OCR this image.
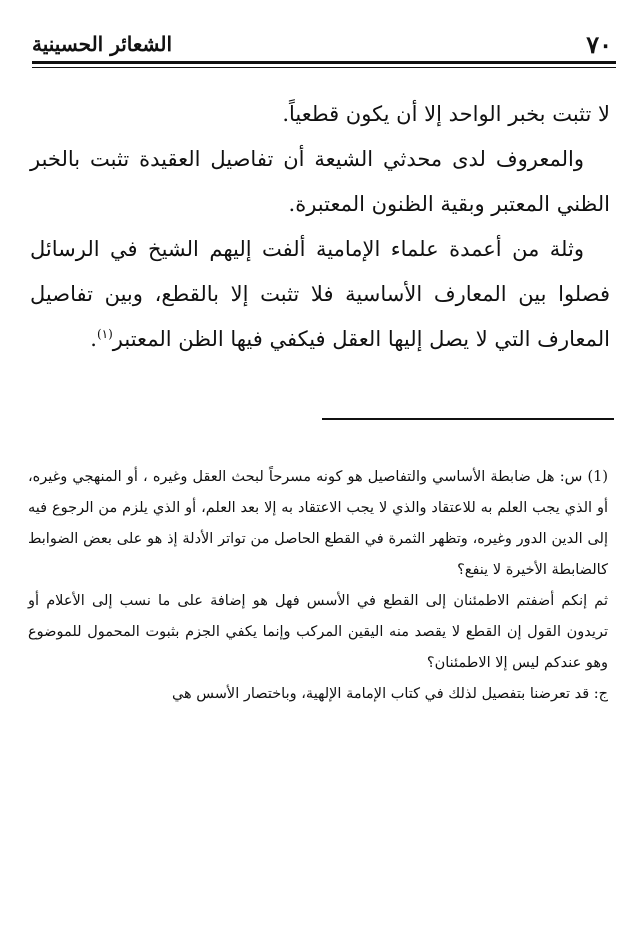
٧٠
الشعائر الحسينية

لا تثبت بخبر الواحد إلا أن يكون قطعياً.

والمعروف لدى محدثي الشيعة أن تفاصيل العقيدة تثبت بالخبر الظني المعتبر وبقية الظنون المعتبرة.

وثلة من أعمدة علماء الإمامية ألفت إليهم الشيخ في الرسائل فصلوا بين المعارف الأساسية فلا تثبت إلا بالقطع، وبين تفاصيل المعارف التي لا يصل إليها العقل فيكفي فيها الظن المعتبر$^{(١)}$.

(1) س: هل ضابطة الأساسي والتفاصيل هو كونه مسرحاً لبحث العقل وغيره ، أو المنهجي وغيره، أو الذي يجب العلم به للاعتقاد والذي لا يجب الاعتقاد به إلا بعد العلم، أو الذي يلزم من الرجوع فيه إلى الدين الدور وغيره، وتظهر الثمرة في القطع الحاصل من تواتر الأدلة إذ هو على بعض الضوابط كالضابطة الأخيرة لا ينفع؟

ثم إنكم أضفتم الاطمئنان إلى القطع في الأسس فهل هو إضافة على ما نسب إلى الأعلام أو تريدون القول إن القطع لا يقصد منه اليقين المركب وإنما يكفي الجزم بثبوت المحمول للموضوع وهو عندكم ليس إلا الاطمئنان؟

ج: قد تعرضنا بتفصيل لذلك في كتاب الإمامة الإلهية، وباختصار الأسس هي
